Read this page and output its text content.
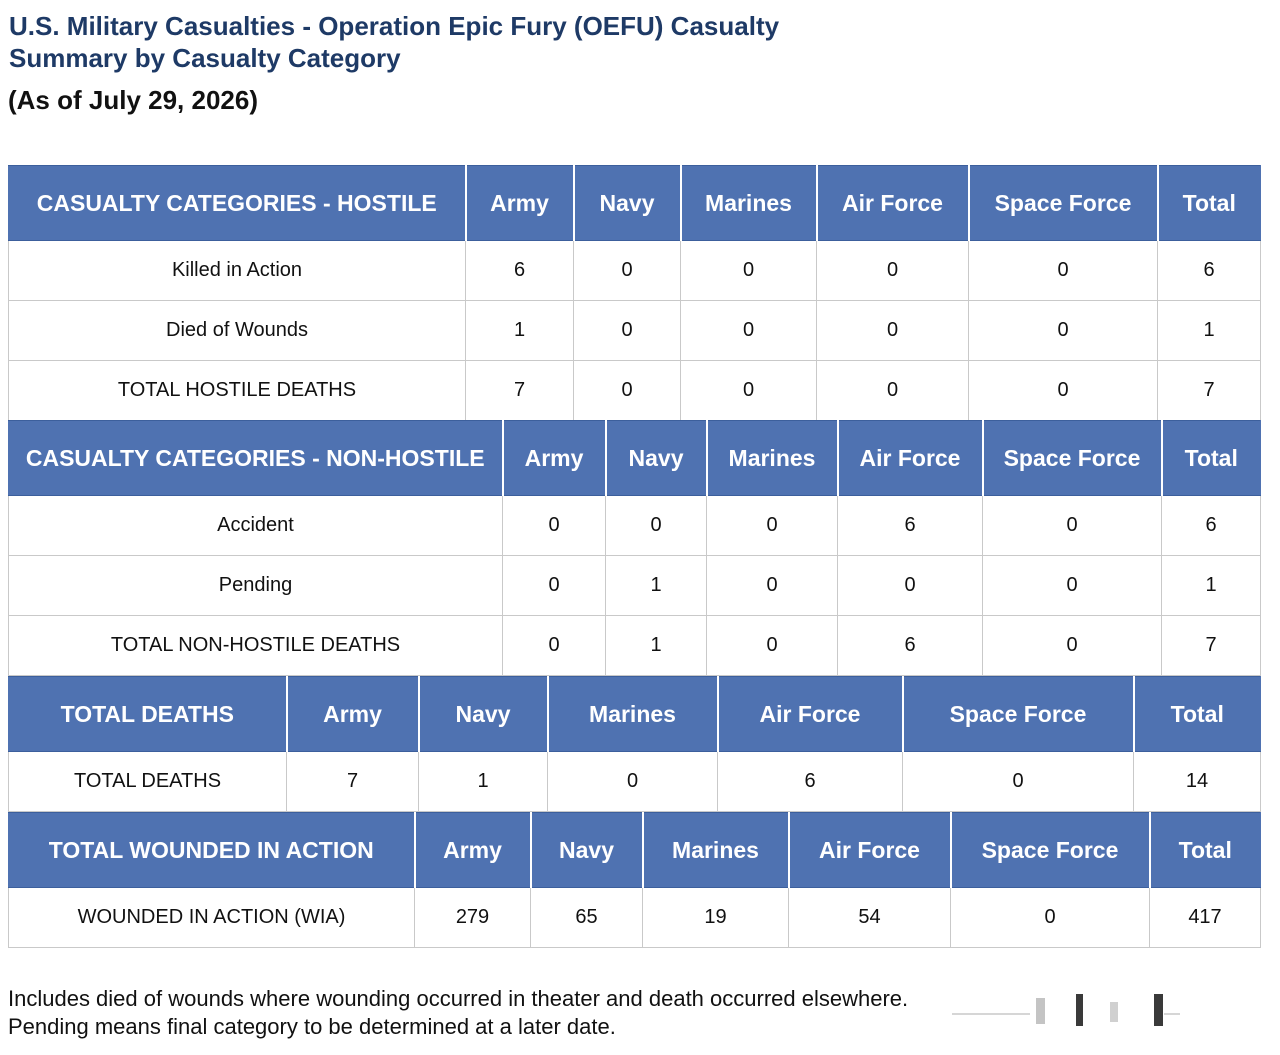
U.S. Military Casualties - Operation Epic Fury (OEFU) Casualty Summary by Casualty Category
(As of July 29, 2026)
CASUALTY CATEGORIES - HOSTILE	Army	Navy	Marines	Air Force	Space Force	Total
Killed in Action	6	0	0	0	0	6
Died of Wounds	1	0	0	0	0	1
TOTAL HOSTILE DEATHS	7	0	0	0	0	7
CASUALTY CATEGORIES - NON-HOSTILE	Army	Navy	Marines	Air Force	Space Force	Total
Accident	0	0	0	6	0	6
Pending	0	1	0	0	0	1
TOTAL NON-HOSTILE DEATHS	0	1	0	6	0	7
TOTAL DEATHS	Army	Navy	Marines	Air Force	Space Force	Total
TOTAL DEATHS	7	1	0	6	0	14
TOTAL WOUNDED IN ACTION	Army	Navy	Marines	Air Force	Space Force	Total
WOUNDED IN ACTION (WIA)	279	65	19	54	0	417
Includes died of wounds where wounding occurred in theater and death occurred elsewhere.
Pending means final category to be determined at a later date.
